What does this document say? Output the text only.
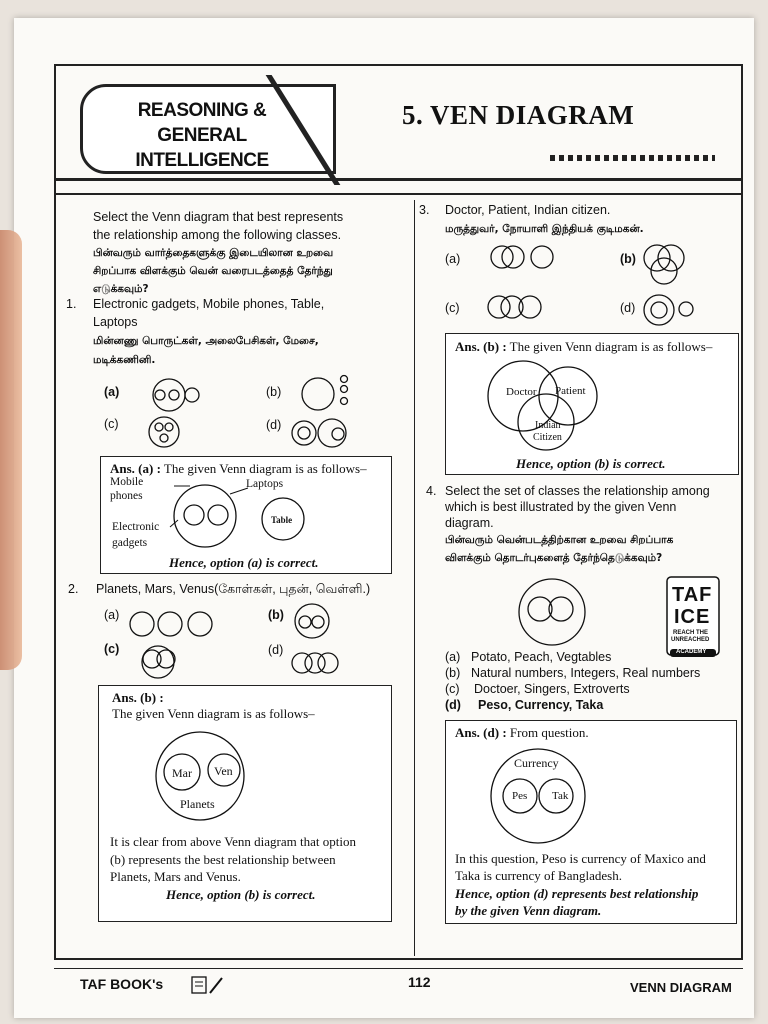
REASONING &
GENERAL INTELLIGENCE
5. VEN DIAGRAM
Select the Venn diagram that best represents
the relationship among the following classes.
பின்வரும் வார்த்தைகளுக்கு இடையிலான உறவை
சிறப்பாக விளக்கும் வென் வரைபடத்தைத் தேர்ந்து
எடுக்கவும்?
1. Electronic gadgets, Mobile phones, Table,
Laptops
மின்னணு பொருட்கள், அலைபேசிகள், மேசை,
மடிக்கணினி.
(a)	(b)
(c)	(d)
Ans. (a) : The given Venn diagram is as follows–
Mobile
phones
Laptops
Electronic
gadgets
Table
Hence, option (a) is correct.
2. Planets, Mars, Venus(கோள்கள், புதன், வெள்ளி.)
(a)	(b)
(c)	(d)
Ans. (b) :
The given Venn diagram is as follows–
Mar Ven
Planets
It is clear from above Venn diagram that option
(b) represents the best relationship between
Planets, Mars and Venus.
Hence, option (b) is correct.
3. Doctor, Patient, Indian citizen.
மருத்துவர், நோயாளி இந்தியக் குடிமகன்.
(a)	(b)
(c)	(d)
Ans. (b) : The given Venn diagram is as follows–
Doctor Patient
Indian
Citizen
Hence, option (b) is correct.
4. Select the set of classes the relationship among
which is best illustrated by the given Venn
diagram.
பின்வரும் வென்படத்திற்கான உறவை சிறப்பாக
விளக்கும் தொடர்புகளைத் தேர்ந்தெடுக்கவும்?
TAF
ICE
REACH THE
UNREACHED
ACADEMY
(a) Potato, Peach, Vegtables
(b) Natural numbers, Integers, Real numbers
(c) Doctoer, Singers, Extroverts
(d) Peso, Currency, Taka
Ans. (d) : From question.
Currency
Pes Tak
In this question, Peso is currency of Maxico and
Taka is currency of Bangladesh.
Hence, option (d) represents best relationship
by the given Venn diagram.
TAF BOOK's	112	VENN DIAGRAM
